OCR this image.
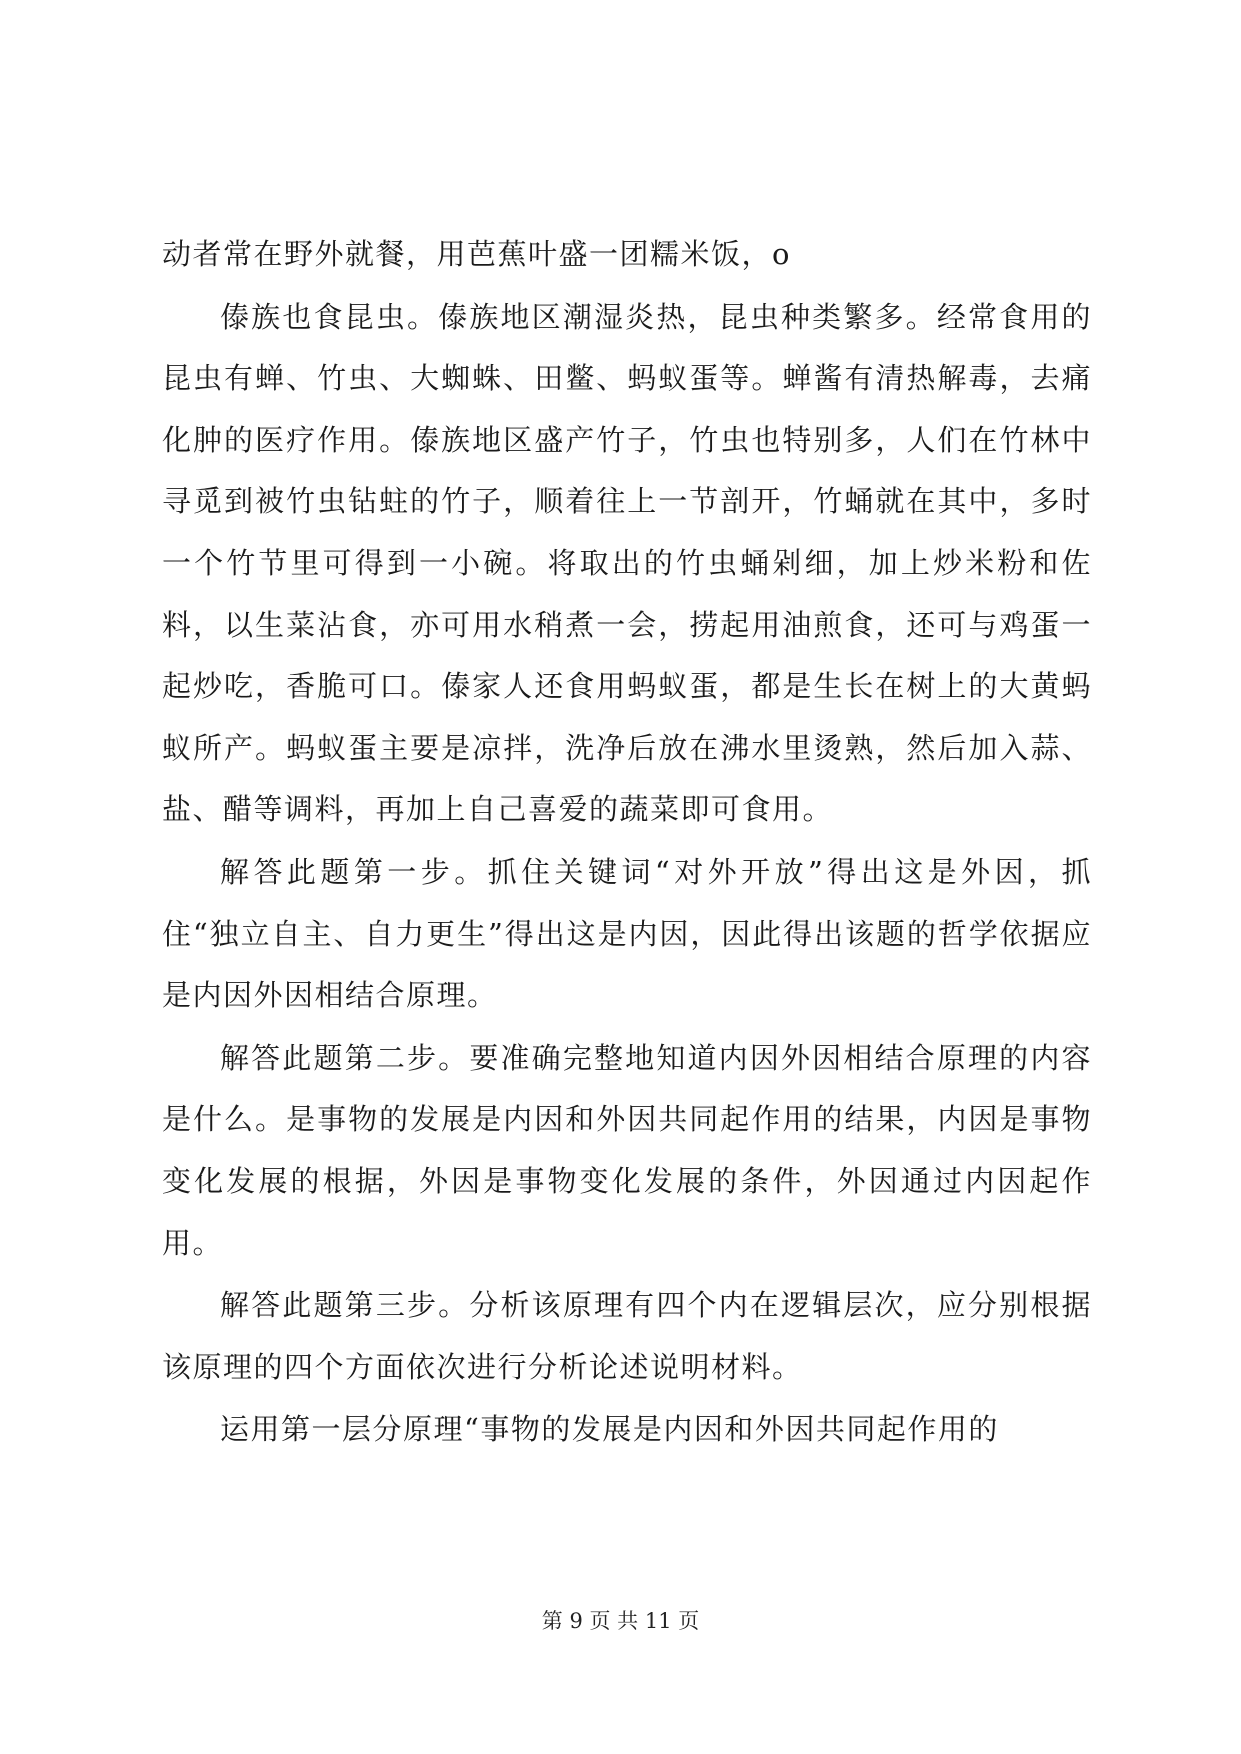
动者常在野外就餐，用芭蕉叶盛一团糯米饭，o

傣族也食昆虫。傣族地区潮湿炎热，昆虫种类繁多。经常食用的昆虫有蝉、竹虫、大蜘蛛、田鳖、蚂蚁蛋等。蝉酱有清热解毒，去痛化肿的医疗作用。傣族地区盛产竹子，竹虫也特别多，人们在竹林中寻觅到被竹虫钻蛀的竹子，顺着往上一节剖开，竹蛹就在其中，多时一个竹节里可得到一小碗。将取出的竹虫蛹剁细，加上炒米粉和佐料，以生菜沾食，亦可用水稍煮一会，捞起用油煎食，还可与鸡蛋一起炒吃，香脆可口。傣家人还食用蚂蚁蛋，都是生长在树上的大黄蚂蚁所产。蚂蚁蛋主要是凉拌，洗净后放在沸水里烫熟，然后加入蒜、盐、醋等调料，再加上自己喜爱的蔬菜即可食用。

解答此题第一步。抓住关键词“对外开放”得出这是外因，抓住“独立自主、自力更生”得出这是内因，因此得出该题的哲学依据应是内因外因相结合原理。

解答此题第二步。要准确完整地知道内因外因相结合原理的内容是什么。是事物的发展是内因和外因共同起作用的结果，内因是事物变化发展的根据，外因是事物变化发展的条件，外因通过内因起作用。

解答此题第三步。分析该原理有四个内在逻辑层次，应分别根据该原理的四个方面依次进行分析论述说明材料。

运用第一层分原理“事物的发展是内因和外因共同起作用的

第 9 页 共 11 页
